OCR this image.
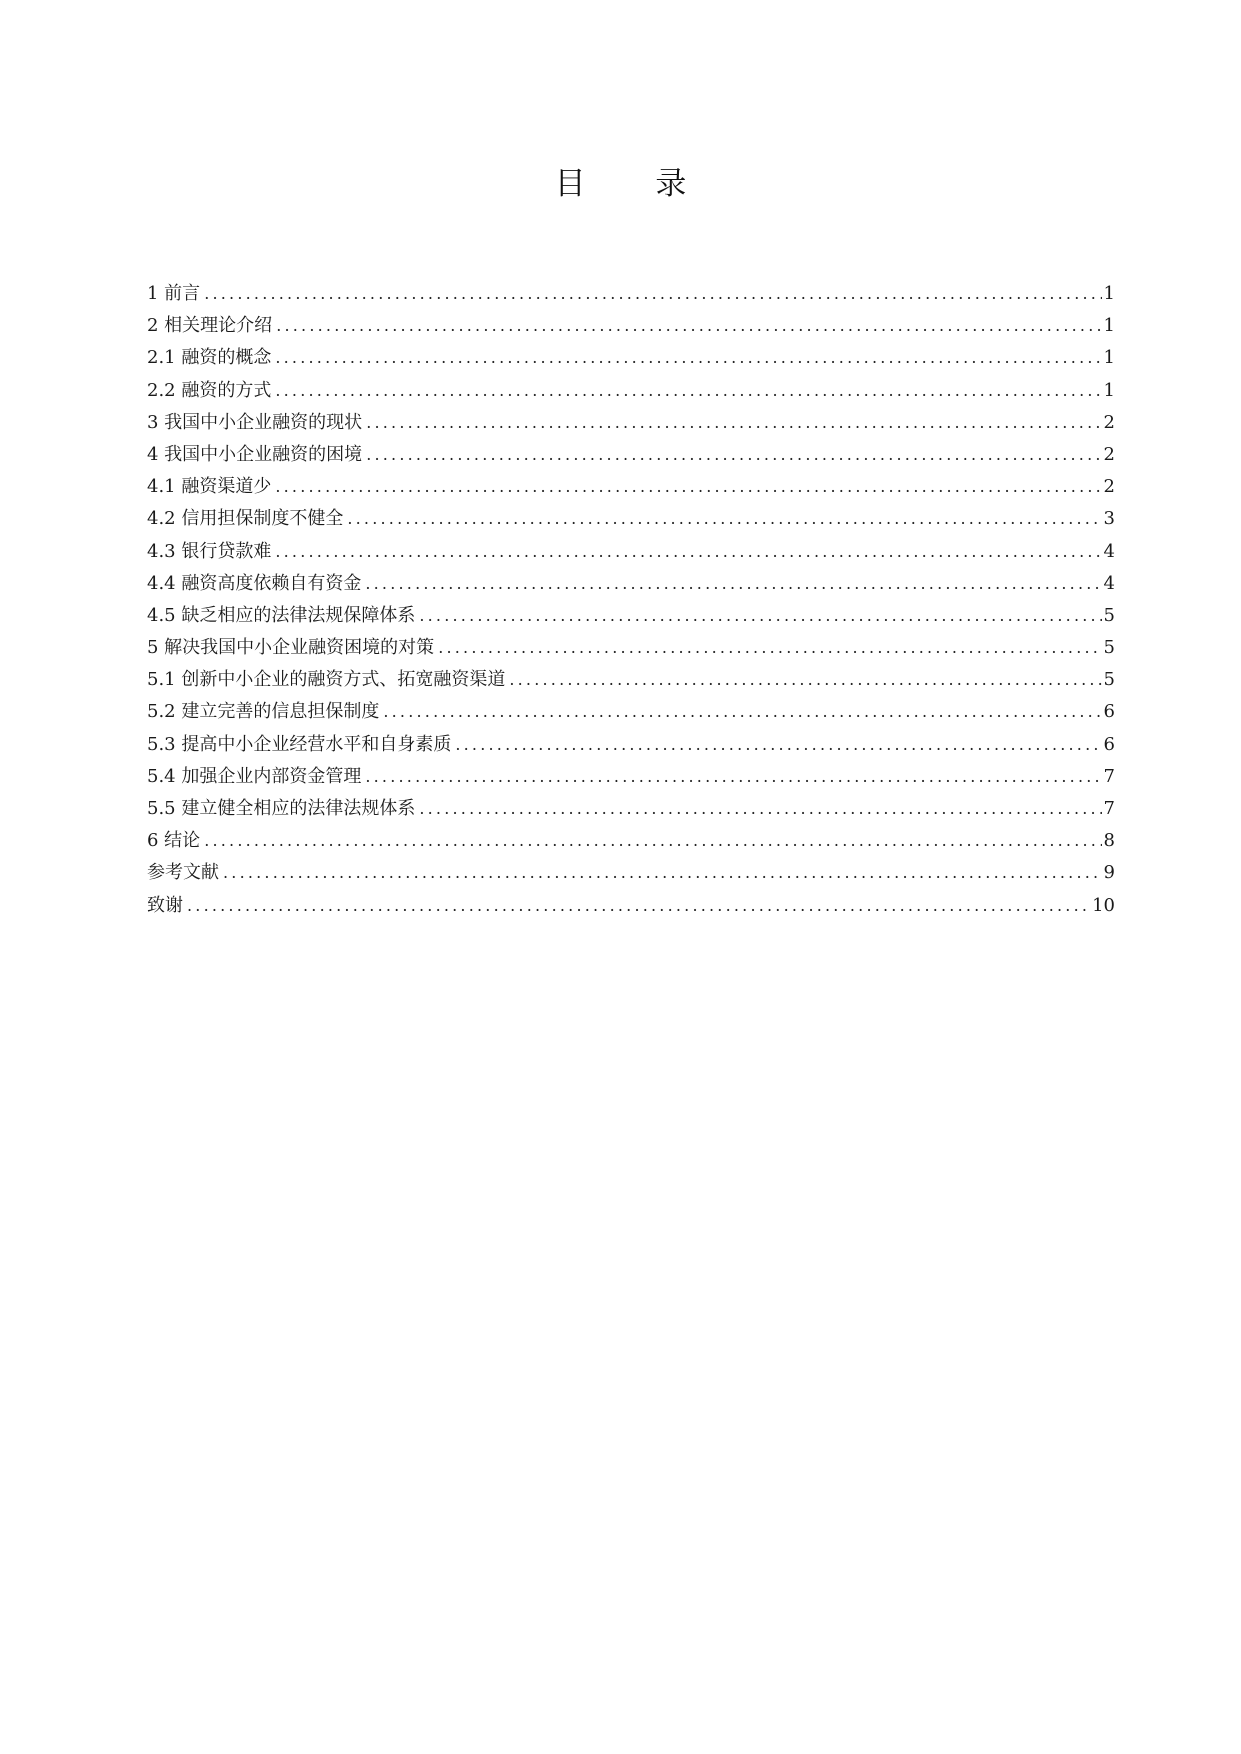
目 录
1 前言 .....	1
2 相关理论介绍 .....	1
2.1 融资的概念 .....	1
2.2 融资的方式 .....	1
3 我国中小企业融资的现状 .....	2
4 我国中小企业融资的困境 .....	2
4.1 融资渠道少 .....	2
4.2 信用担保制度不健全 .....	3
4.3 银行贷款难 .....	4
4.4 融资高度依赖自有资金 .....	4
4.5 缺乏相应的法律法规保障体系 .....	5
5 解决我国中小企业融资困境的对策 .....	5
5.1 创新中小企业的融资方式、拓宽融资渠道 .....	5
5.2 建立完善的信息担保制度 .....	6
5.3 提高中小企业经营水平和自身素质 .....	6
5.4 加强企业内部资金管理 .....	7
5.5 建立健全相应的法律法规体系 .....	7
6 结论 .....	8
参考文献 .....	9
致谢 .....	10
